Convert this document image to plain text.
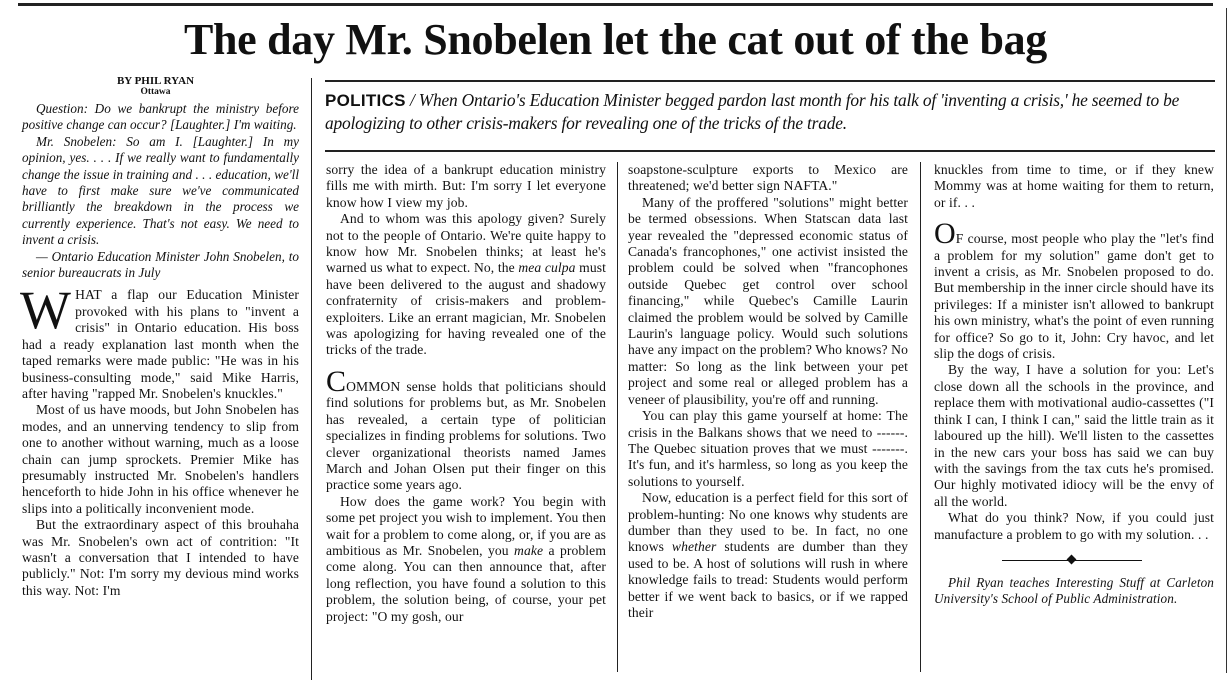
The day Mr. Snobelen let the cat out of the bag
BY PHIL RYAN
Ottawa

Question: Do we bankrupt the ministry before positive change can occur? [Laughter.] I'm waiting.

Mr. Snobelen: So am I. [Laughter.] In my opinion, yes. . . . If we really want to fundamentally change the issue in training and . . . education, we'll have to first make sure we've communicated brilliantly the breakdown in the process we currently experience. That's not easy. We need to invent a crisis.

— Ontario Education Minister John Snobelen, to senior bureaucrats in July

WHAT a flap our Education Minister provoked with his plans to "invent a crisis" in Ontario education. His boss had a ready explanation last month when the taped remarks were made public: "He was in his business-consulting mode," said Mike Harris, after having "rapped Mr. Snobelen's knuckles."

Most of us have moods, but John Snobelen has modes, and an unnerving tendency to slip from one to another without warning, much as a loose chain can jump sprockets. Premier Mike has presumably instructed Mr. Snobelen's handlers henceforth to hide John in his office whenever he slips into a politically inconvenient mode.

But the extraordinary aspect of this brouhaha was Mr. Snobelen's own act of contrition: "It wasn't a conversation that I intended to have publicly." Not: I'm sorry my devious mind works this way. Not: I'm

POLITICS / When Ontario's Education Minister begged pardon last month for his talk of 'inventing a crisis,' he seemed to be apologizing to other crisis-makers for revealing one of the tricks of the trade.

sorry the idea of a bankrupt education ministry fills me with mirth. But: I'm sorry I let everyone know how I view my job.

And to whom was this apology given? Surely not to the people of Ontario. We're quite happy to know how Mr. Snobelen thinks; at least he's warned us what to expect. No, the mea culpa must have been delivered to the august and shadowy confraternity of crisis-makers and problem-exploiters. Like an errant magician, Mr. Snobelen was apologizing for having revealed one of the tricks of the trade.

COMMON sense holds that politicians should find solutions for problems but, as Mr. Snobelen has revealed, a certain type of politician specializes in finding problems for solutions. Two clever organizational theorists named James March and Johan Olsen put their finger on this practice some years ago.

How does the game work? You begin with some pet project you wish to implement. You then wait for a problem to come along, or, if you are as ambitious as Mr. Snobelen, you make a problem come along. You can then announce that, after long reflection, you have found a solution to this problem, the solution being, of course, your pet project: "O my gosh, our

soapstone-sculpture exports to Mexico are threatened; we'd better sign NAFTA."

Many of the proffered "solutions" might better be termed obsessions. When Statscan data last year revealed the "depressed economic status of Canada's francophones," one activist insisted the problem could be solved when "francophones outside Quebec get control over school financing," while Quebec's Camille Laurin claimed the problem would be solved by Camille Laurin's language policy. Would such solutions have any impact on the problem? Who knows? No matter: So long as the link between your pet project and some real or alleged problem has a veneer of plausibility, you're off and running.

You can play this game yourself at home: The crisis in the Balkans shows that we need to ------. The Quebec situation proves that we must -------. It's fun, and it's harmless, so long as you keep the solutions to yourself.

Now, education is a perfect field for this sort of problem-hunting: No one knows why students are dumber than they used to be. In fact, no one knows whether students are dumber than they used to be. A host of solutions will rush in where knowledge fails to tread: Students would perform better if we went back to basics, or if we rapped their

knuckles from time to time, or if they knew Mommy was at home waiting for them to return, or if. . .

OF course, most people who play the "let's find a problem for my solution" game don't get to invent a crisis, as Mr. Snobelen proposed to do. But membership in the inner circle should have its privileges: If a minister isn't allowed to bankrupt his own ministry, what's the point of even running for office? So go to it, John: Cry havoc, and let slip the dogs of crisis.

By the way, I have a solution for you: Let's close down all the schools in the province, and replace them with motivational audio-cassettes ("I think I can, I think I can," said the little train as it laboured up the hill). We'll listen to the cassettes in the new cars your boss has said we can buy with the savings from the tax cuts he's promised. Our highly motivated idiocy will be the envy of all the world.

What do you think? Now, if you could just manufacture a problem to go with my solution. . .

Phil Ryan teaches Interesting Stuff at Carleton University's School of Public Administration.
